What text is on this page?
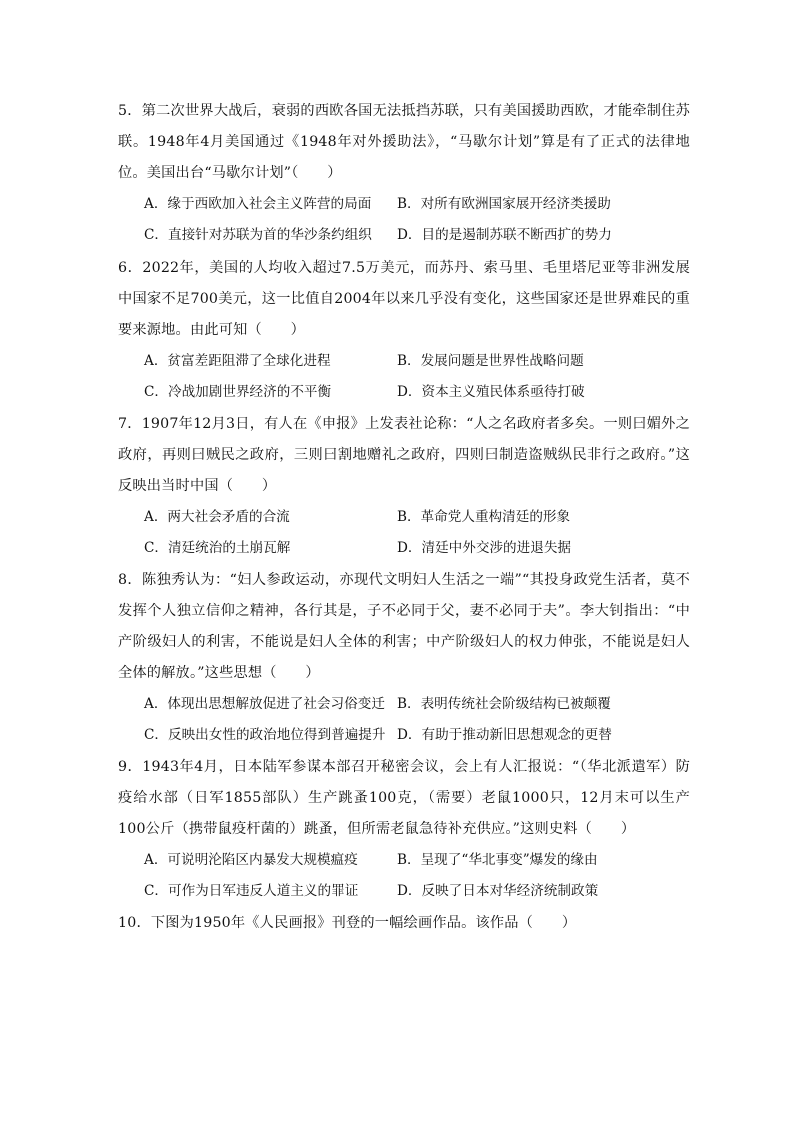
5．第二次世界大战后，衰弱的西欧各国无法抵挡苏联，只有美国援助西欧，才能牵制住苏联。1948年4月美国通过《1948年对外援助法》，“马歇尔计划”算是有了正式的法律地位。美国出台“马歇尔计划”（　　）
A．缘于西欧加入社会主义阵营的局面	B．对所有欧洲国家展开经济类援助
C．直接针对苏联为首的华沙条约组织	D．目的是遏制苏联不断西扩的势力
6．2022年，美国的人均收入超过7.5万美元，而苏丹、索马里、毛里塔尼亚等非洲发展中国家不足700美元，这一比值自2004年以来几乎没有变化，这些国家还是世界难民的重要来源地。由此可知（　　）
A．贫富差距阻滞了全球化进程	B．发展问题是世界性战略问题
C．冷战加剧世界经济的不平衡	D．资本主义殖民体系亟待打破
7．1907年12月3日，有人在《申报》上发表社论称：“人之名政府者多矣。一则曰媚外之政府，再则曰贼民之政府，三则曰割地赠礼之政府，四则曰制造盗贼纵民非行之政府。”这反映出当时中国（　　）
A．两大社会矛盾的合流	B．革命党人重构清廷的形象
C．清廷统治的土崩瓦解	D．清廷中外交涉的进退失据
8．陈独秀认为：“妇人参政运动，亦现代文明妇人生活之一端”“其投身政党生活者，莫不发挥个人独立信仰之精神，各行其是，子不必同于父，妻不必同于夫”。李大钊指出：“中产阶级妇人的利害，不能说是妇人全体的利害；中产阶级妇人的权力伸张，不能说是妇人全体的解放。”这些思想（　　）
A．体现出思想解放促进了社会习俗变迁 B．表明传统社会阶级结构已被颠覆
C．反映出女性的政治地位得到普遍提升 D．有助于推动新旧思想观念的更替
9．1943年4月，日本陆军参谋本部召开秘密会议，会上有人汇报说：“（华北派遣军）防疫给水部（日军1855部队）生产跳蚤100克，（需要）老鼠1000只，12月末可以生产100公斤（携带鼠疫杆菌的）跳蚤，但所需老鼠急待补充供应。”这则史料（　　）
A．可说明沦陷区内暴发大规模瘟疫	B．呈现了“华北事变”爆发的缘由
C．可作为日军违反人道主义的罪证	D．反映了日本对华经济统制政策
10．下图为1950年《人民画报》刊登的一幅绘画作品。该作品（　　）
